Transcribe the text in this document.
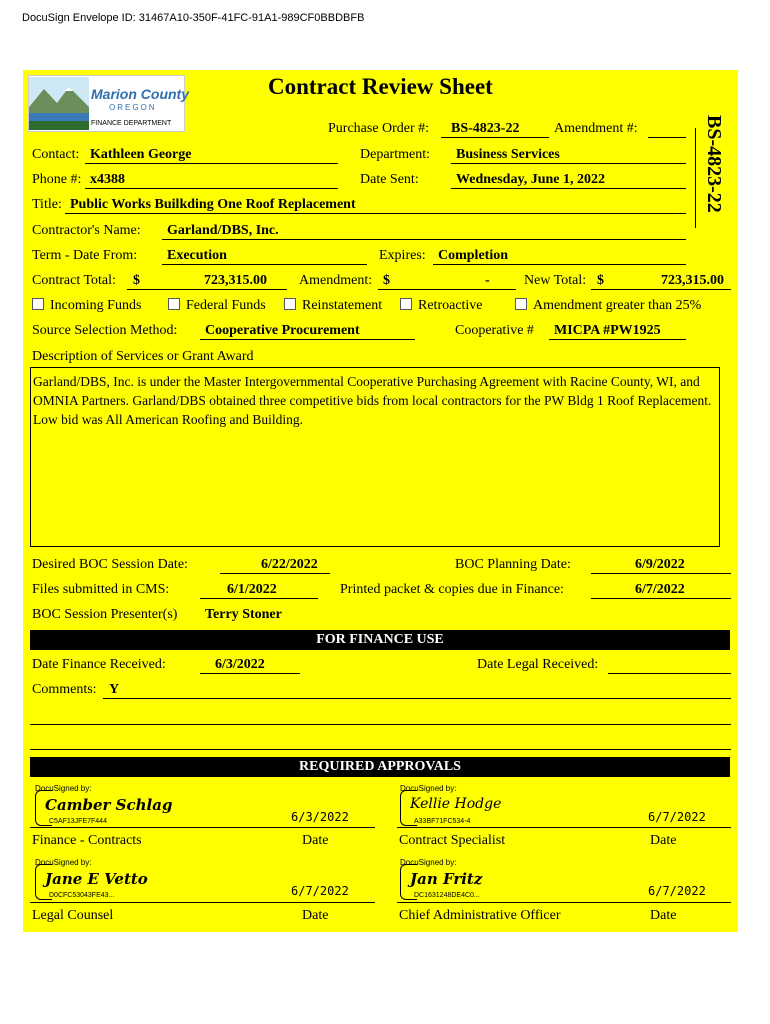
DocuSign Envelope ID: 31467A10-350F-41FC-91A1-989CF0BBDBFB
Marion County
OREGON
FINANCE DEPARTMENT
Contract Review Sheet
BS-4823-22
Purchase Order #: BS-4823-22 Amendment #:
Contact: Kathleen George	Department: Business Services
Phone #: x4388	Date Sent:	Wednesday, June 1, 2022
Title: Public Works Builkding One Roof Replacement
Contractor's Name: Garland/DBS, Inc.
Term - Date From: Execution	Expires: Completion
Contract Total: $	723,315.00 Amendment: $	- New Total: $	723,315.00
Incoming Funds	Federal Funds	Reinstatement	Retroactive	Amendment greater than 25%
Source Selection Method: Cooperative Procurement	Cooperative # MICPA #PW1925
Description of Services or Grant Award
Garland/DBS, Inc. is under the Master Intergovernmental Cooperative Purchasing Agreement with Racine County, WI, and OMNIA Partners. Garland/DBS obtained three competitive bids from local contractors for the PW Bldg 1 Roof Replacement. Low bid was All American Roofing and Building.
Desired BOC Session Date:	6/22/2022	BOC Planning Date:	6/9/2022
Files submitted in CMS:	6/1/2022	Printed packet & copies due in Finance:	6/7/2022
BOC Session Presenter(s) Terry Stoner
FOR FINANCE USE
Date Finance Received:	6/3/2022	Date Legal Received:
Comments: Y
REQUIRED APPROVALS
DocuSigned by:
Camber Schlag
C5AF13JFE7F444	6/3/2022
Finance - Contracts	Date
DocuSigned by:
Kellie Hodge
A33BF71FC534-4	6/7/2022
Contract Specialist	Date
DocuSigned by:
Jane E Vetto
D0CFC53043FE43...	6/7/2022
Legal Counsel	Date
DocuSigned by:
Jan Fritz
DC1631248DE4C0...	6/7/2022
Chief Administrative Officer	Date
